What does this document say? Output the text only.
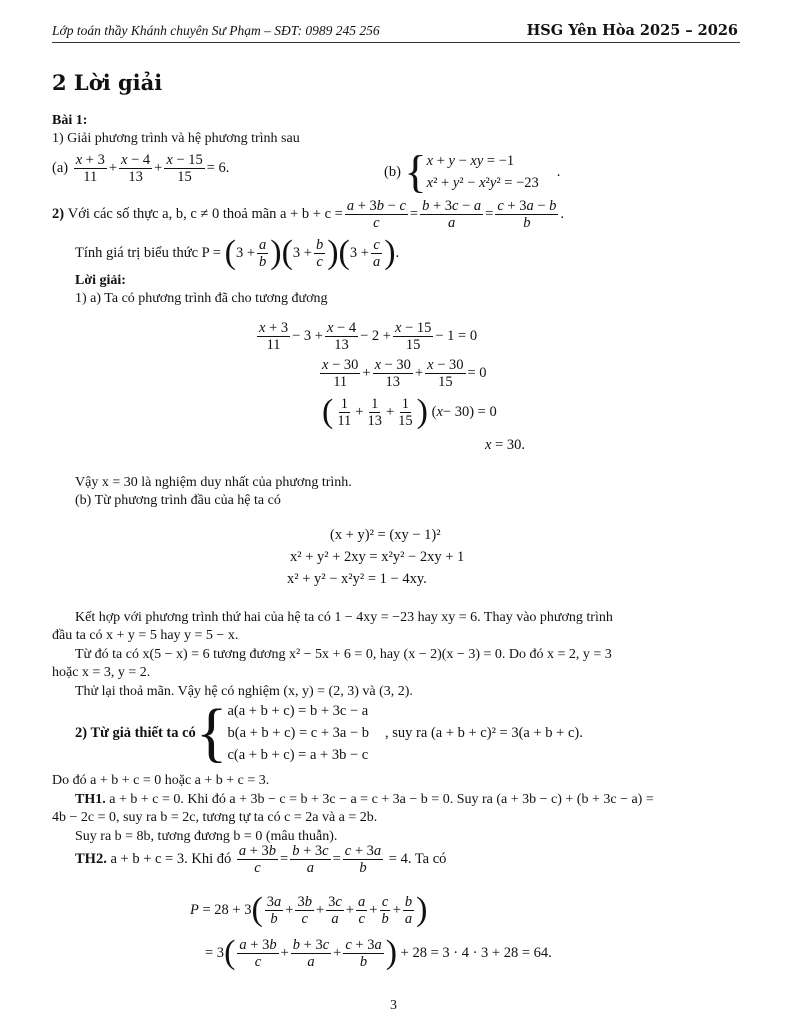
Lớp toán thầy Khánh chuyên Sư Phạm – SĐT: 0989 245 256	HSG Yên Hòa 2025 – 2026
2 Lời giải
Bài 1:
1) Giải phương trình và hệ phương trình sau
(a)
$\frac{x + 3}{11} + \frac{x - 4}{13} + \frac{x - 15}{15} = 6$.	(b)
{ x + y − xy = −1
x² + y² − x²y² = −23
.
2)
Với các số thực a, b, c ≠ 0 thoả mãn $a + b + c = \frac{a + 3b - c}{c} = \frac{b + 3c - a}{a} = \frac{c + 3a - b}{b}$ .
Tính giá trị biểu thức P =
( $3 + \frac{a}{b}$ ) ( $3 + \frac{b}{c}$ ) ( $3 + \frac{c}{a}$ ) .
Lời giải:
1) a) Ta có phương trình đã cho tương đương
$\frac{x + 3}{11} - 3 + \frac{x - 4}{13} - 2 + \frac{x - 15}{15} - 1 = 0$
$\frac{x - 30}{11} + \frac{x - 30}{13} + \frac{x - 30}{15} = 0$
( $\frac{1}{11} + \frac{1}{13} + \frac{1}{15}$ ) ( x − 30) = 0
x = 30.
Vậy x = 30 là nghiệm duy nhất của phương trình.
(b) Từ phương trình đầu của hệ ta có
(x + y)² = (xy − 1)²
x² + y² + 2xy = x²y² − 2xy + 1
x² + y² − x²y² = 1 − 4xy.
Kết hợp với phương trình thứ hai của hệ ta có 1 − 4xy = −23 hay xy = 6. Thay vào phương trình
đầu ta có x + y = 5 hay y = 5 − x.
Từ đó ta có x(5 − x) = 6 tương đương x² − 5x + 6 = 0, hay (x − 2)(x − 3) = 0. Do đó x = 2, y = 3
hoặc x = 3, y = 2.
Thử lại thoả mãn. Vậy hệ có nghiệm (x, y) = (2, 3) và (3, 2).
2) Từ giả thiết ta có { a(a + b + c) = b + 3c − a
b(a + b + c) = c + 3a − b
c(a + b + c) = a + 3b − c
, suy ra (a + b + c)² = 3(a + b + c).
Do đó a + b + c = 0 hoặc a + b + c = 3.
TH1.
a + b + c = 0. Khi đó a + 3b − c = b + 3c − a = c + 3a − b = 0. Suy ra (a + 3b − c) + (b + 3c − a) =
4b − 2c = 0, suy ra b = 2c, tương tự ta có c = 2a và a = 2b.
Suy ra b = 8b, tương đương b = 0 (mâu thuẫn).
TH2.
a + b + c = 3. Khi đó
$\frac{a + 3b}{c} = \frac{b + 3c}{a} = \frac{c + 3a}{b}$
= 4. Ta có
P = 28 + 3 ( $\frac{3a}{b} + \frac{3b}{c} + \frac{3c}{a} + \frac{a}{c} + \frac{c}{b} + \frac{b}{a}$ )
= 3 ( $\frac{a + 3b}{c} + \frac{b + 3c}{a} + \frac{c + 3a}{b}$ )
+ 28 = 3 · 4 · 3 + 28 = 64.
3
